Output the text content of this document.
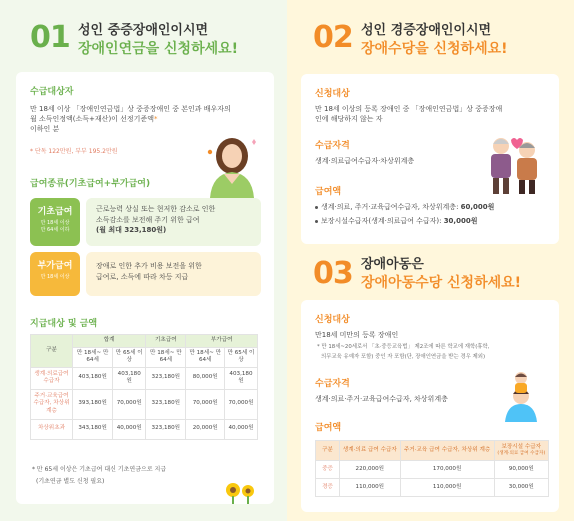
01 성인 중증장애인이시면
장애인연금을 신청하세요!
수급대상자
만 18세 이상 「장애인연금법」상 중증장애인 중 본인과 배우자의
월 소득인정액(소득+재산)이 선정기준액*
이하인 분
* 단독 122만원, 부부 195.2만원
급여종류(기초급여+부가급여)
기초급여
만 18세 이상
만 64세 이하
근로능력 상실 또는 현저한 감소로 인한
소득감소를 보전해 주기 위한 급여
(월 최대 323,180원)
부가급여
만 18세 이상
장애로 인한 추가 비용 보전을 위한
급여로, 소득에 따라 차등 지급
지급대상 및 금액
구분	합계		기초급여	부가급여	
	만 18세~ 만 64세	만 65세 이상	만 18세~ 만 64세	만 18세~ 만 64세	만 65세 이상
생계·의료급여 수급자	403,180원	403,180원	323,180원	80,000원	403,180원
주거·교육급여 수급자, 차상위계층	393,180원	70,000원	323,180원	70,000원	70,000원
차상위초과	343,180원	40,000원	323,180원	20,000원	40,000원
* 만 65세 이상은 기초급여 대신 기초연금으로 지급
(기초연금 별도 신청 필요)
02 성인 경증장애인이시면
장애수당을 신청하세요!
신청대상
만 18세 이상의 등록 장애인 중 「장애인연금법」상 중증장애
인에 해당하지 않는 자
수급자격
생계·의료급여수급자·차상위계층
급여액
생계·의료, 주거·교육급여수급자, 차상위계층: 60,000원
보장시설수급자(생계·의료급여 수급자): 30,000원
03 장애아동은
장애아동수당 신청하세요!
신청대상
만18세 미만의 등록 장애인
* 만 18세~20세로서 「초·중등교육법」 제2조에 따른 학교에 재학(휴학,
의무교육 유예자 포함) 중인 자 포함(단, 장애인연금을 받는 경우 제외)
수급자격
생계·의료·주거·교육급여수급자, 차상위계층
급여액
구분	생계·의료 급여 수급자	주거·교육 급여 수급자, 차상위 계층	보장시설 수급자
(생계·의료 급여 수급자)

중증	220,000원	170,000원	90,000원
경증	110,000원	110,000원	30,000원
